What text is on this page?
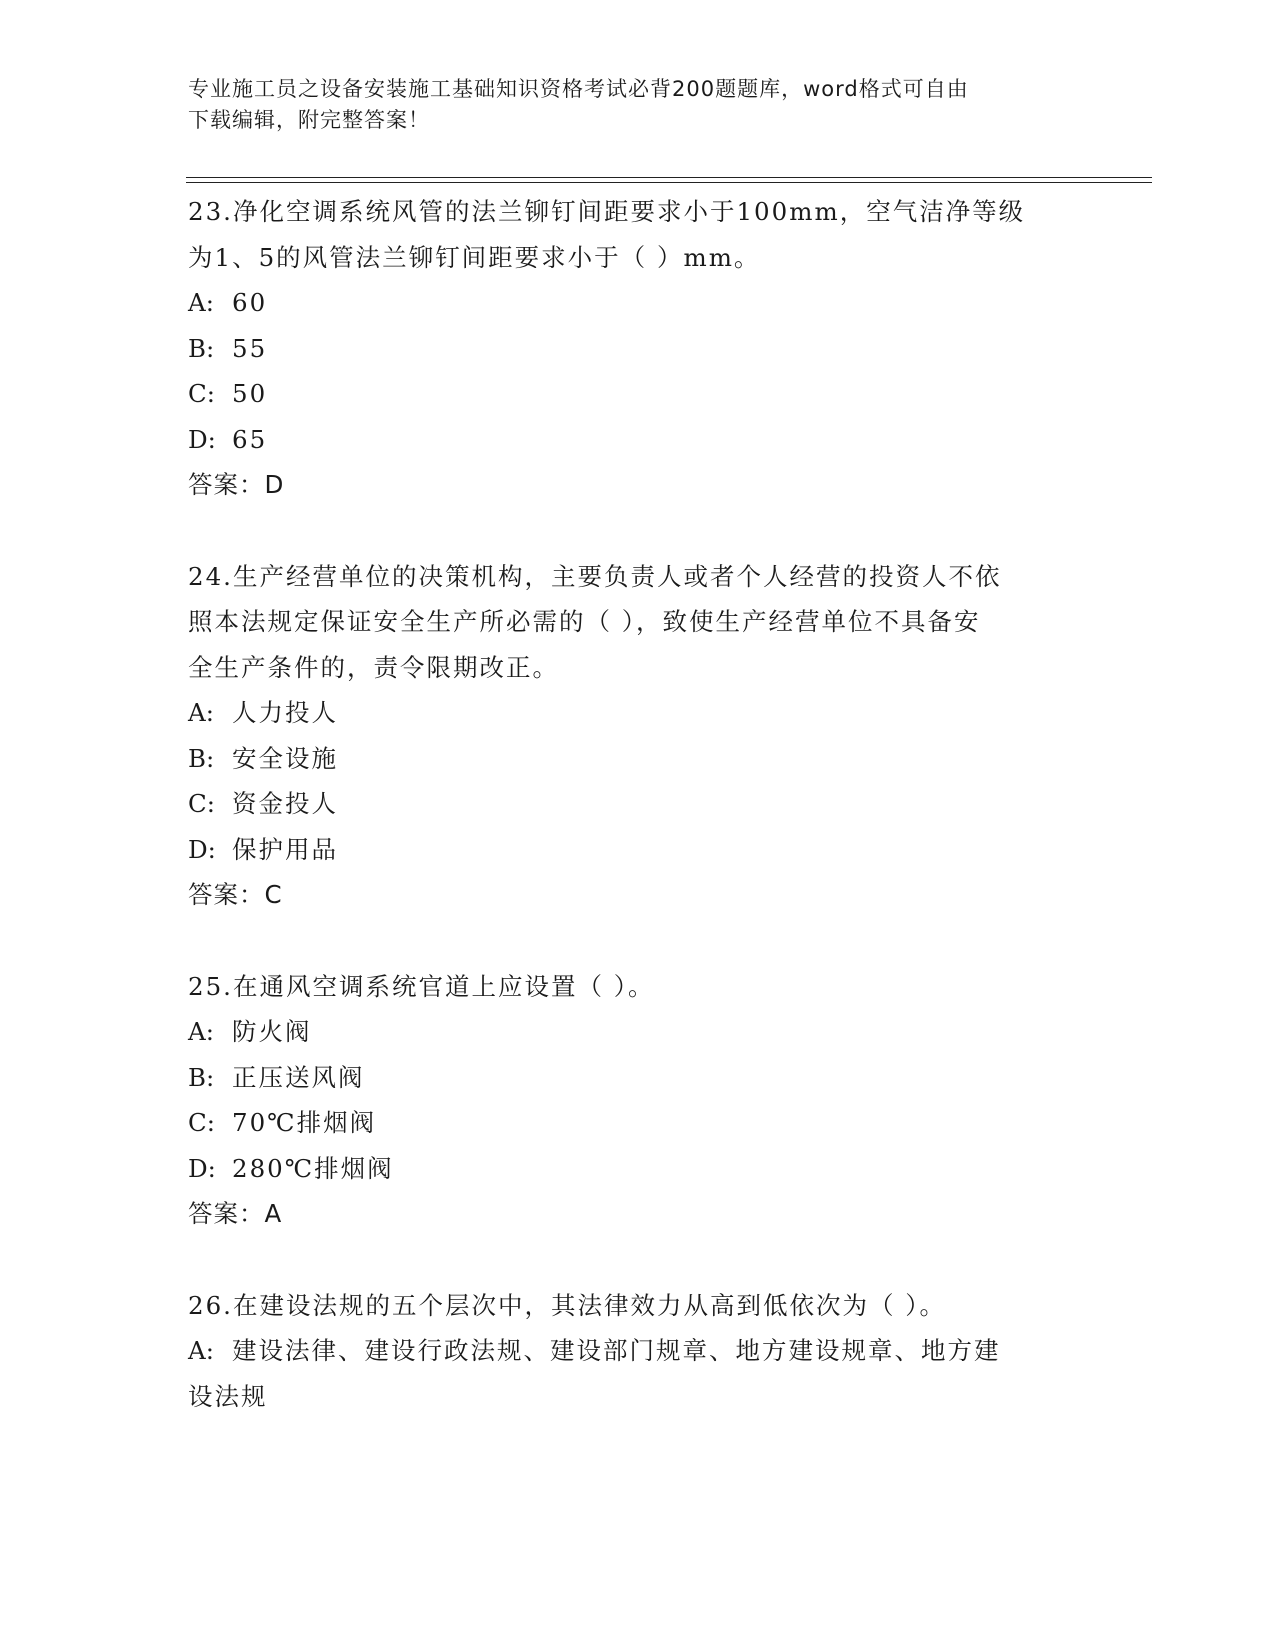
专业施工员之设备安装施工基础知识资格考试必背200题题库，word格式可自由
下载编辑，附完整答案！
23.净化空调系统风管的法兰铆钉间距要求小于100mm，空气洁净等级
为1、5的风管法兰铆钉间距要求小于（ ）mm。
A: 60
B: 55
C: 50
D: 65
答案：D
24.生产经营单位的决策机构，主要负责人或者个人经营的投资人不依
照本法规定保证安全生产所必需的（ ），致使生产经营单位不具备安
全生产条件的，责令限期改正。
A: 人力投人
B: 安全设施
C: 资金投人
D: 保护用品
答案：C
25.在通风空调系统官道上应设置（ ）。
A: 防火阀
B: 正压送风阀
C: 70℃排烟阀
D: 280℃排烟阀
答案：A
26.在建设法规的五个层次中，其法律效力从高到低依次为（ ）。
A: 建设法律、建设行政法规、建设部门规章、地方建设规章、地方建
设法规
